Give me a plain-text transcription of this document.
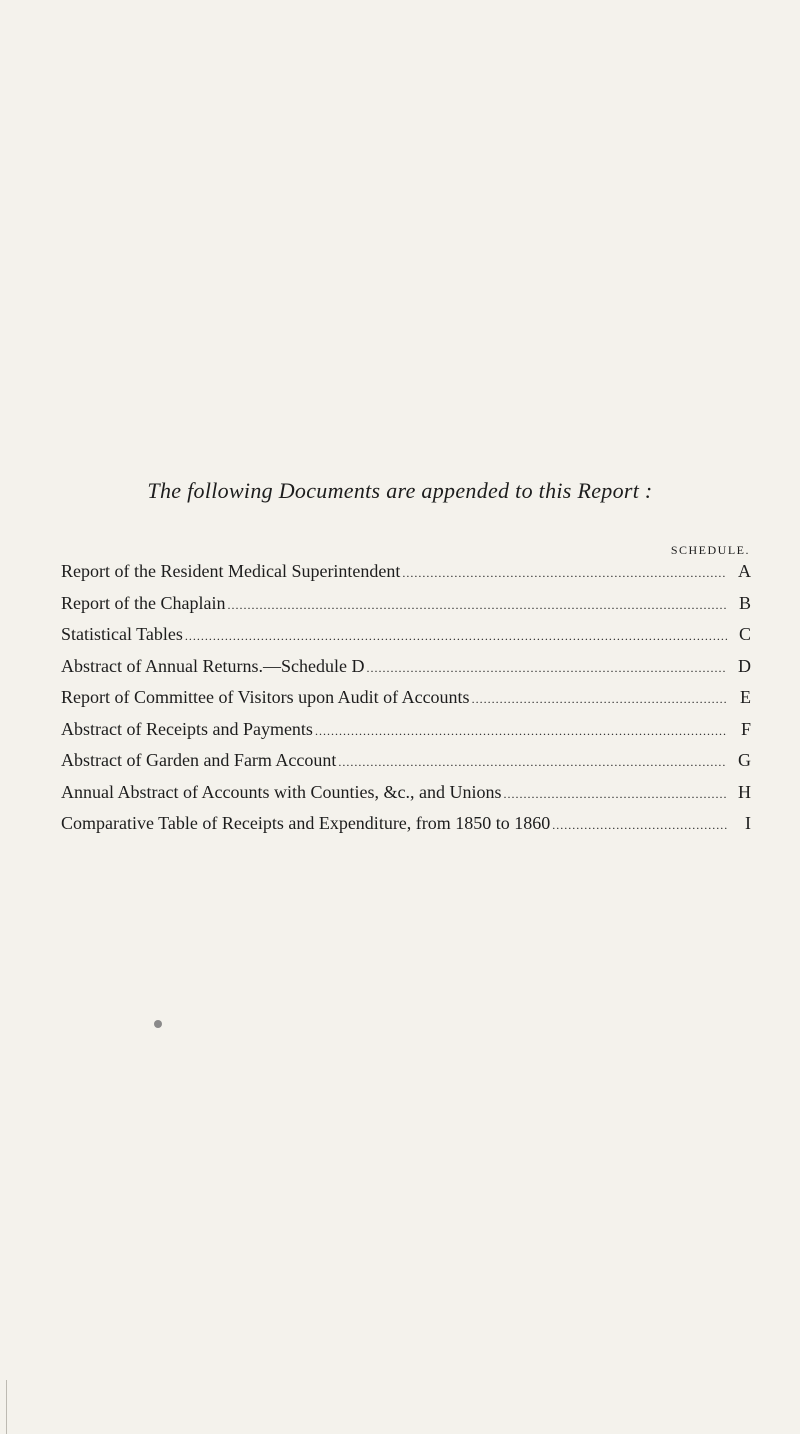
The following Documents are appended to this Report :
SCHEDULE.
Report of the Resident Medical Superintendent .....	A
Report of the Chaplain .....	B
Statistical Tables .....	C
Abstract of Annual Returns.—Schedule D .....	D
Report of Committee of Visitors upon Audit of Accounts .....	E
Abstract of Receipts and Payments .....	F
Abstract of Garden and Farm Account .....	G
Annual Abstract of Accounts with Counties, &c., and Unions .....	H
Comparative Table of Receipts and Expenditure, from 1850 to 1860 .....	I
